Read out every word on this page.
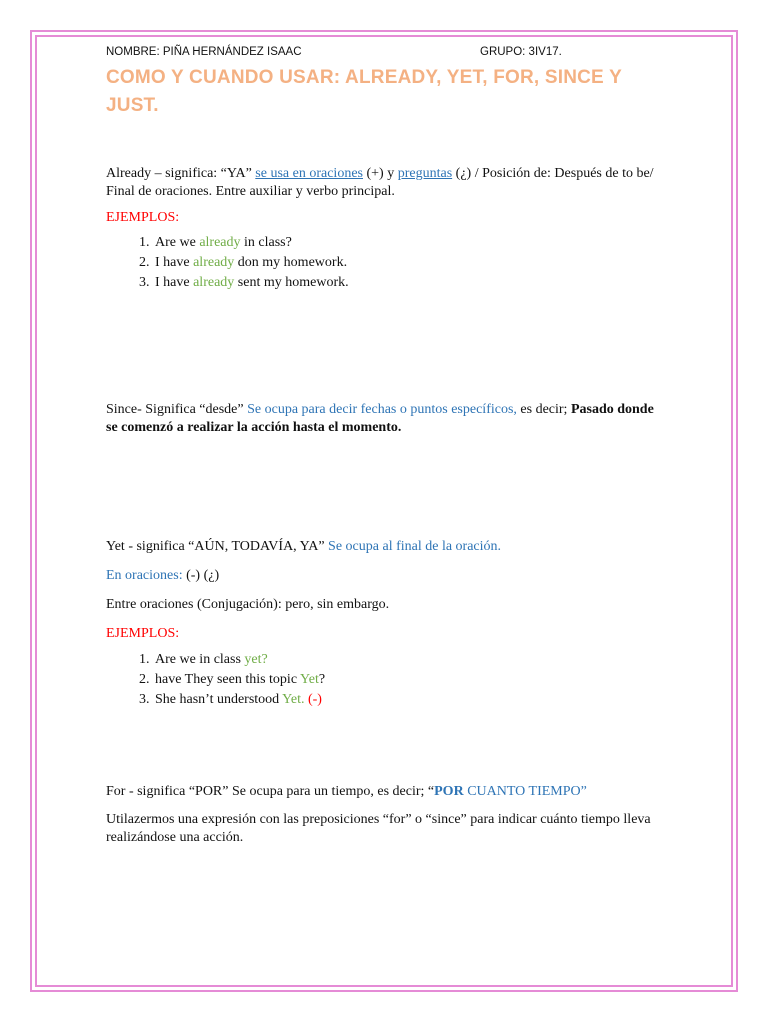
NOMBRE: PIÑA HERNÁNDEZ ISAAC	GRUPO: 3IV17.
COMO Y CUANDO USAR: ALREADY, YET, FOR, SINCE Y JUST.

Already – significa: “YA” se usa en oraciones (+) y preguntas (¿) / Posición de: Después de to be/ Final de oraciones. Entre auxiliar y verbo principal.

EJEMPLOS:

1. Are we already in class?
2. I have already don my homework.
3. I have already sent my homework.

Since- Significa “desde” Se ocupa para decir fechas o puntos específicos, es decir; Pasado donde se comenzó a realizar la acción hasta el momento.

Yet - significa “AÚN, TODAVÍA, YA” Se ocupa al final de la oración.

En oraciones: (-) (¿)

Entre oraciones (Conjugación): pero, sin embargo.

EJEMPLOS:

1. Are we in class yet?
2. have They seen this topic Yet?
3. She hasn’t understood Yet. (-)

For - significa “POR” Se ocupa para un tiempo, es decir; “POR CUANTO TIEMPO”

Utilazermos una expresión con las preposiciones “for” o “since” para indicar cuánto tiempo lleva realizándose una acción.
